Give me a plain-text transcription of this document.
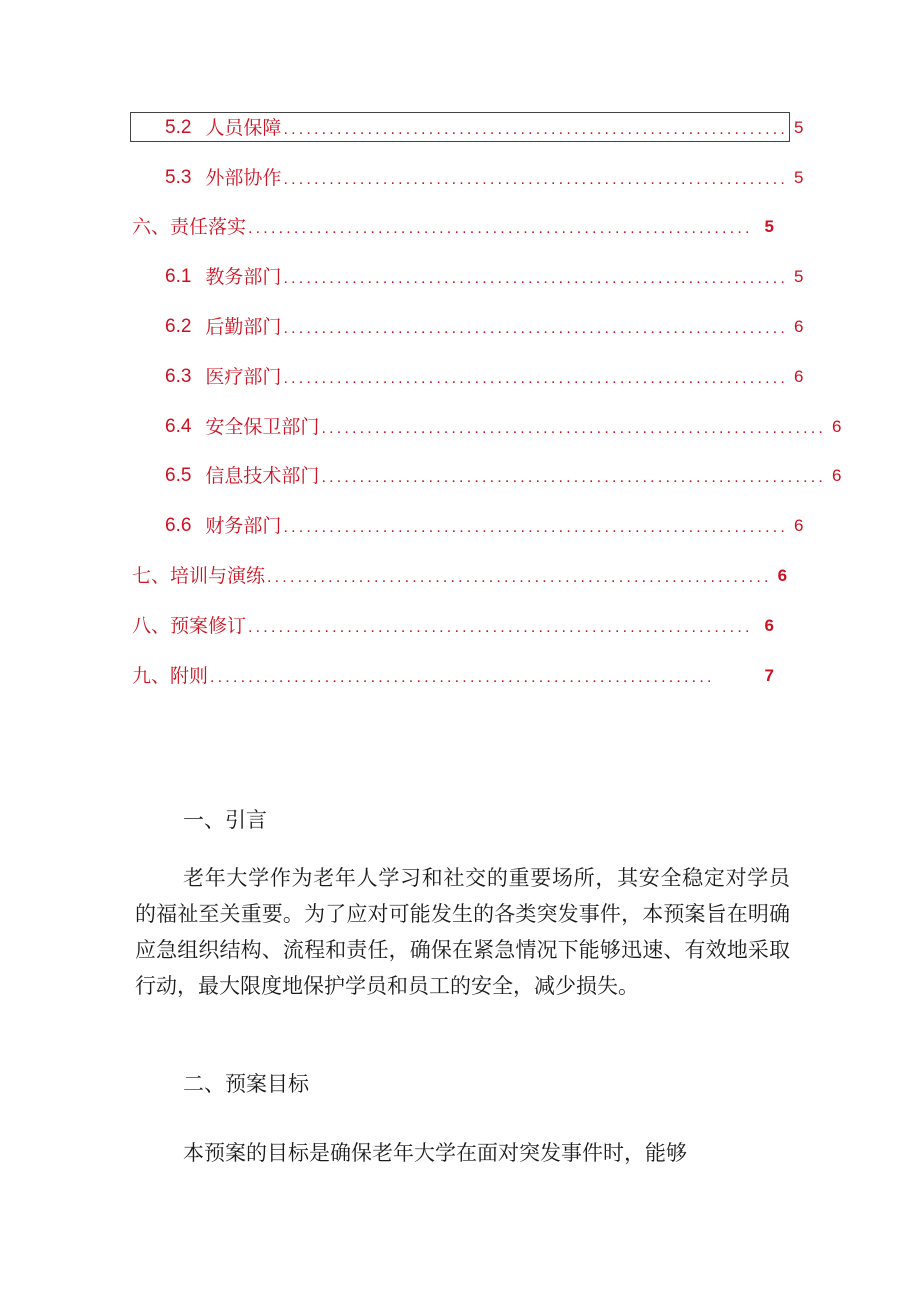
5.2 人员保障 .................................................................. 5
5.3 外部协作 .................................................................. 5
六、责任落实 .................................................................. 5
6.1 教务部门 .................................................................. 5
6.2 后勤部门 .................................................................. 6
6.3 医疗部门 .................................................................. 6
6.4 安全保卫部门 .................................................................. 6
6.5 信息技术部门 .................................................................. 6
6.6 财务部门 .................................................................. 6
七、培训与演练 .................................................................. 6
八、预案修订 .................................................................. 6
九、附则 ..................................................................	7
一、引言

老年大学作为老年人学习和社交的重要场所，其安全稳定对学员的福祉至关重要。为了应对可能发生的各类突发事件，本预案旨在明确应急组织结构、流程和责任，确保在紧急情况下能够迅速、有效地采取行动，最大限度地保护学员和员工的安全，减少损失。

二、预案目标

本预案的目标是确保老年大学在面对突发事件时，能够
